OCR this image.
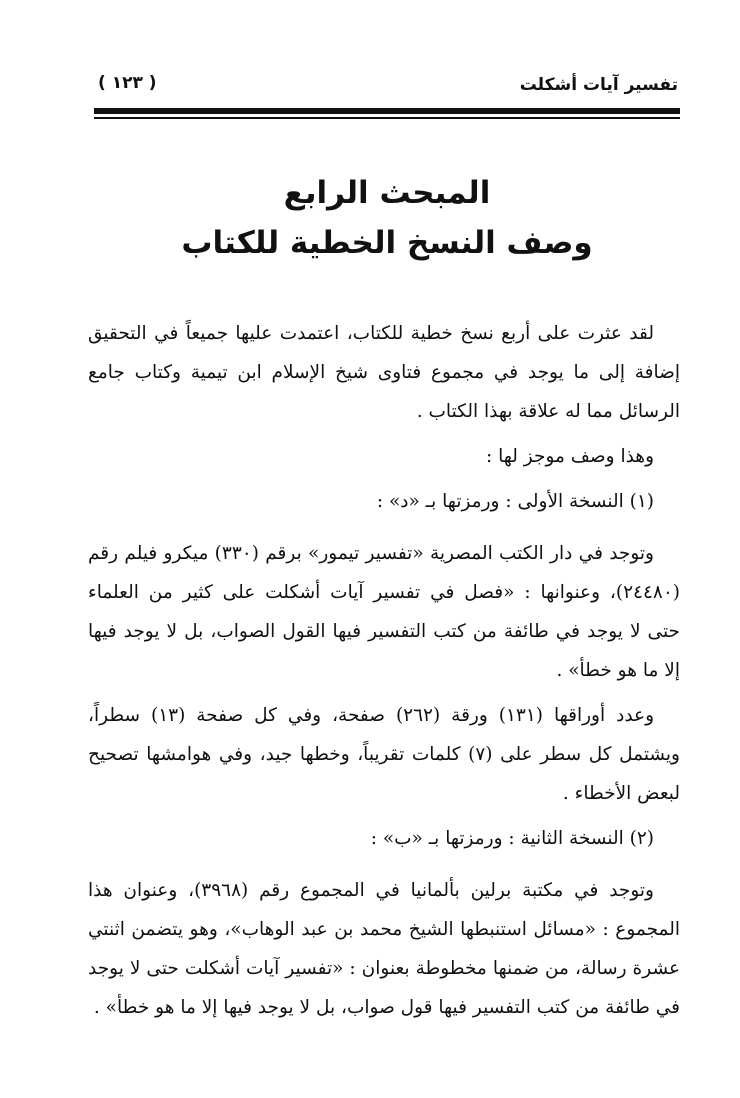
تفسير آيات أشكلت
( ١٢٣ )
المبحث الرابع
وصف النسخ الخطية للكتاب
لقد عثرت على أربع نسخ خطية للكتاب، اعتمدت عليها جميعاً في التحقيق
إضافة إلى ما يوجد في مجموع فتاوى شيخ الإسلام ابن تيمية وكتاب جامع
الرسائل مما له علاقة بهذا الكتاب .
وهذا وصف موجز لها :
(١) النسخة الأولى : ورمزتها بـ «د» :
وتوجد في دار الكتب المصرية «تفسير تيمور» برقم (٣٣٠) ميكرو فيلم رقم
(٢٤٤٨٠)، وعنوانها : «فصل في تفسير آيات أشكلت على كثير من العلماء
حتى لا يوجد في طائفة من كتب التفسير فيها القول الصواب، بل لا يوجد فيها
إلا ما هو خطأ» .
وعدد أوراقها (١٣١) ورقة (٢٦٢) صفحة، وفي كل صفحة (١٣) سطراً،
ويشتمل كل سطر على (٧) كلمات تقريباً، وخطها جيد، وفي هوامشها تصحيح
لبعض الأخطاء .
(٢) النسخة الثانية : ورمزتها بـ «ب» :
وتوجد في مكتبة برلين بألمانيا في المجموع رقم (٣٩٦٨)، وعنوان هذا
المجموع : «مسائل استنبطها الشيخ محمد بن عبد الوهاب»، وهو يتضمن اثنتي
عشرة رسالة، من ضمنها مخطوطة بعنوان : «تفسير آيات أشكلت حتى لا يوجد
في طائفة من كتب التفسير فيها قول صواب، بل لا يوجد فيها إلا ما هو خطأ» .
